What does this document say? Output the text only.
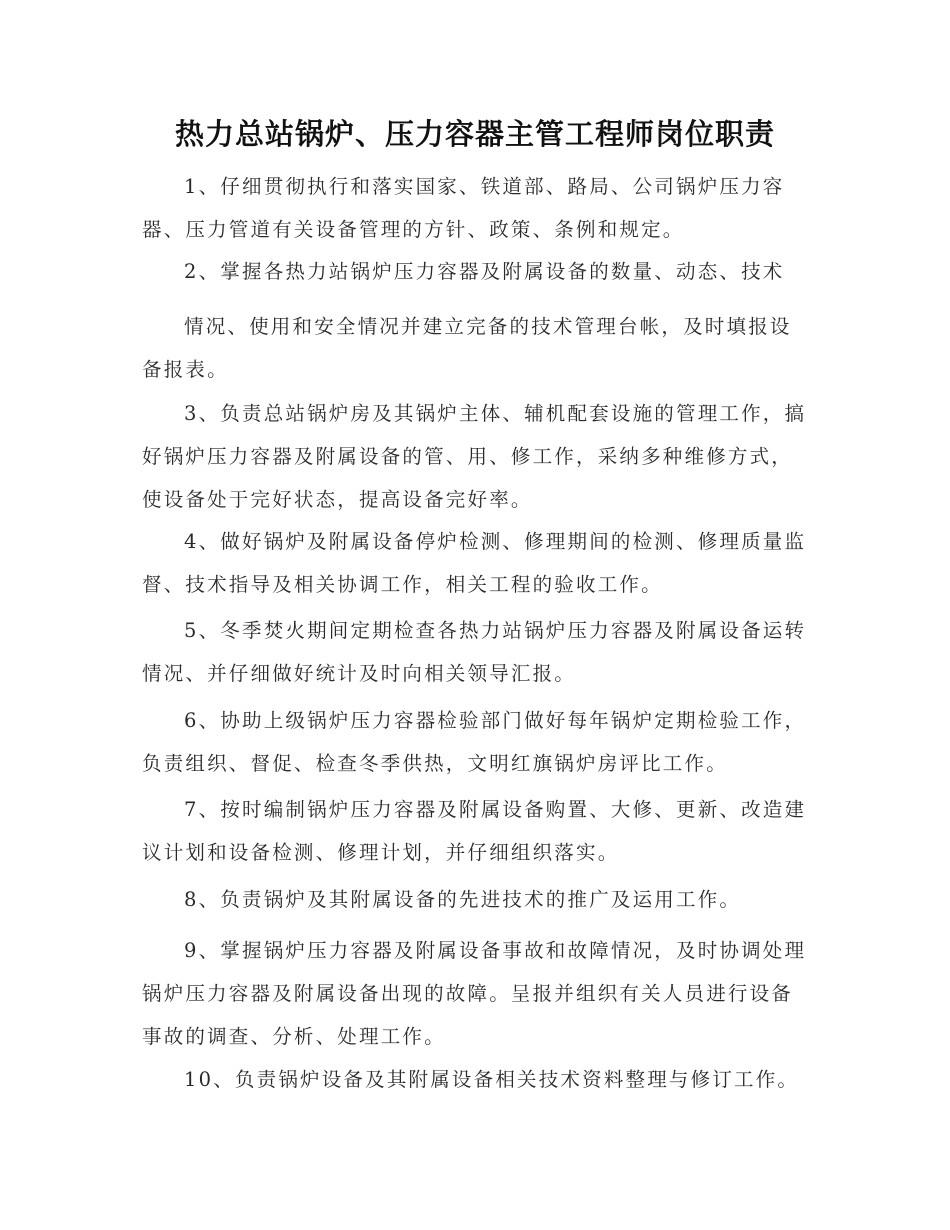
热力总站锅炉、压力容器主管工程师岗位职责
1、仔细贯彻执行和落实国家、铁道部、路局、公司锅炉压力容
器、压力管道有关设备管理的方针、政策、条例和规定。
2、掌握各热力站锅炉压力容器及附属设备的数量、动态、技术
情况、使用和安全情况并建立完备的技术管理台帐，及时填报设
备报表。
3、负责总站锅炉房及其锅炉主体、辅机配套设施的管理工作，搞
好锅炉压力容器及附属设备的管、用、修工作，采纳多种维修方式，
使设备处于完好状态，提高设备完好率。
4、做好锅炉及附属设备停炉检测、修理期间的检测、修理质量监
督、技术指导及相关协调工作，相关工程的验收工作。
5、冬季焚火期间定期检查各热力站锅炉压力容器及附属设备运转
情况、并仔细做好统计及时向相关领导汇报。
6、协助上级锅炉压力容器检验部门做好每年锅炉定期检验工作，
负责组织、督促、检查冬季供热，文明红旗锅炉房评比工作。
7、按时编制锅炉压力容器及附属设备购置、大修、更新、改造建
议计划和设备检测、修理计划，并仔细组织落实。
8、负责锅炉及其附属设备的先进技术的推广及运用工作。
9、掌握锅炉压力容器及附属设备事故和故障情况，及时协调处理
锅炉压力容器及附属设备出现的故障。呈报并组织有关人员进行设备
事故的调查、分析、处理工作。
10、负责锅炉设备及其附属设备相关技术资料整理与修订工作。
